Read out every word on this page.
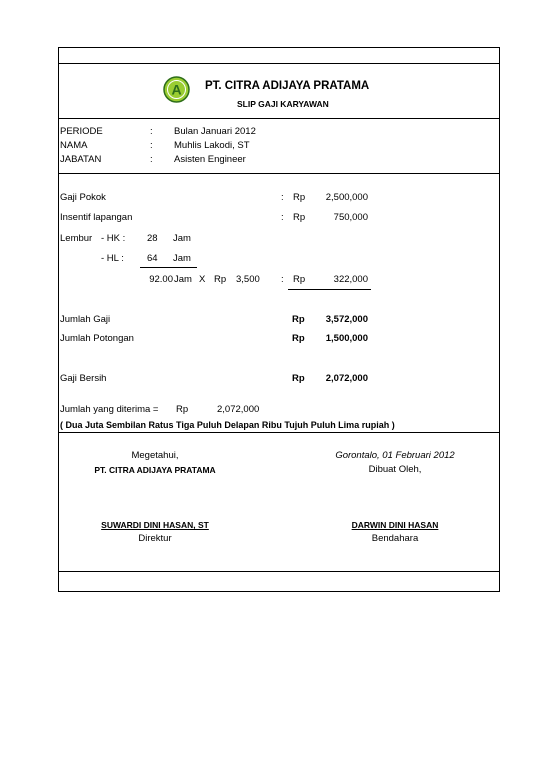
A PT. CITRA ADIJAYA PRATAMA
SLIP GAJI KARYAWAN
PERIODE	: Bulan Januari 2012
NAMA	: Muhlis Lakodi, ST
JABATAN	: Asisten Engineer
Gaji Pokok	: Rp	2,500,000
Insentif lapangan	: Rp	750,000
Lembur - HK : 28 Jam
- HL : 64 Jam
92.00 Jam X Rp 3,500 : Rp	322,000
Jumlah Gaji	Rp	3,572,000
Jumlah Potongan	Rp	1,500,000
Gaji Bersih	Rp	2,072,000
Jumlah yang diterima = Rp	2,072,000
( Dua Juta Sembilan Ratus Tiga Puluh Delapan Ribu Tujuh Puluh Lima rupiah )
Megetahui,
PT. CITRA ADIJAYA PRATAMA
SUWARDI DINI HASAN, ST
Direktur
Gorontalo, 01 Februari 2012
Dibuat Oleh,
DARWIN DINI HASAN
Bendahara
